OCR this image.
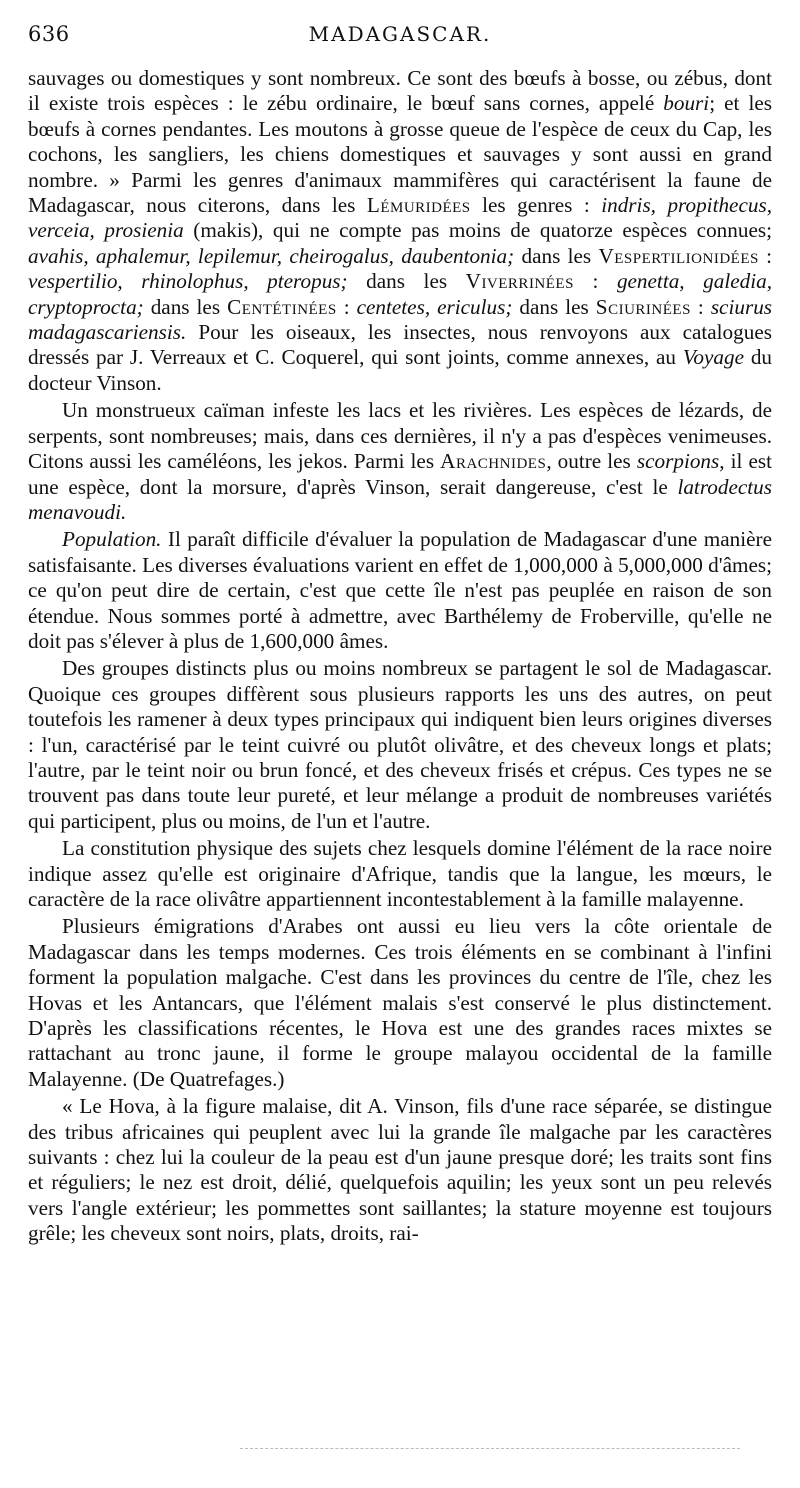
636	MADAGASCAR.

sauvages ou domestiques y sont nombreux. Ce sont des bœufs à bosse, ou zébus, dont il existe trois espèces : le zébu ordinaire, le bœuf sans cornes, appelé bouri; et les bœufs à cornes pendantes. Les moutons à grosse queue de l'espèce de ceux du Cap, les cochons, les sangliers, les chiens domestiques et sauvages y sont aussi en grand nombre. » Parmi les genres d'animaux mammifères qui caractérisent la faune de Madagascar, nous citerons, dans les Lémuridées les genres : indris, propithecus, verceia, prosienia (makis), qui ne compte pas moins de quatorze espèces connues; avahis, aphalemur, lepilemur, cheirogalus, daubentonia; dans les Vespertilionidées : vespertilio, rhinolophus, pteropus; dans les Viverrinées : genetta, galedia, cryptoprocta; dans les Centétinées : centetes, ericulus; dans les Sciurinées : sciurus madagascariensis. Pour les oiseaux, les insectes, nous renvoyons aux catalogues dressés par J. Verreaux et C. Coquerel, qui sont joints, comme annexes, au Voyage du docteur Vinson.

Un monstrueux caïman infeste les lacs et les rivières. Les espèces de lézards, de serpents, sont nombreuses; mais, dans ces dernières, il n'y a pas d'espèces venimeuses. Citons aussi les caméléons, les jekos. Parmi les Arachnides, outre les scorpions, il est une espèce, dont la morsure, d'après Vinson, serait dangereuse, c'est le latrodectus menavoudi.

Population. Il paraît difficile d'évaluer la population de Madagascar d'une manière satisfaisante. Les diverses évaluations varient en effet de 1,000,000 à 5,000,000 d'âmes; ce qu'on peut dire de certain, c'est que cette île n'est pas peuplée en raison de son étendue. Nous sommes porté à admettre, avec Barthélemy de Froberville, qu'elle ne doit pas s'élever à plus de 1,600,000 âmes.

Des groupes distincts plus ou moins nombreux se partagent le sol de Madagascar. Quoique ces groupes diffèrent sous plusieurs rapports les uns des autres, on peut toutefois les ramener à deux types principaux qui indiquent bien leurs origines diverses : l'un, caractérisé par le teint cuivré ou plutôt olivâtre, et des cheveux longs et plats; l'autre, par le teint noir ou brun foncé, et des cheveux frisés et crépus. Ces types ne se trouvent pas dans toute leur pureté, et leur mélange a produit de nombreuses variétés qui participent, plus ou moins, de l'un et l'autre.

La constitution physique des sujets chez lesquels domine l'élément de la race noire indique assez qu'elle est originaire d'Afrique, tandis que la langue, les mœurs, le caractère de la race olivâtre appartiennent incontestablement à la famille malayenne.

Plusieurs émigrations d'Arabes ont aussi eu lieu vers la côte orientale de Madagascar dans les temps modernes. Ces trois éléments en se combinant à l'infini forment la population malgache. C'est dans les provinces du centre de l'île, chez les Hovas et les Antancars, que l'élément malais s'est conservé le plus distinctement. D'après les classifications récentes, le Hova est une des grandes races mixtes se rattachant au tronc jaune, il forme le groupe malayou occidental de la famille Malayenne. (De Quatrefages.)

« Le Hova, à la figure malaise, dit A. Vinson, fils d'une race séparée, se distingue des tribus africaines qui peuplent avec lui la grande île malgache par les caractères suivants : chez lui la couleur de la peau est d'un jaune presque doré; les traits sont fins et réguliers; le nez est droit, délié, quelquefois aquilin; les yeux sont un peu relevés vers l'angle extérieur; les pommettes sont saillantes; la stature moyenne est toujours grêle; les cheveux sont noirs, plats, droits, rai-
